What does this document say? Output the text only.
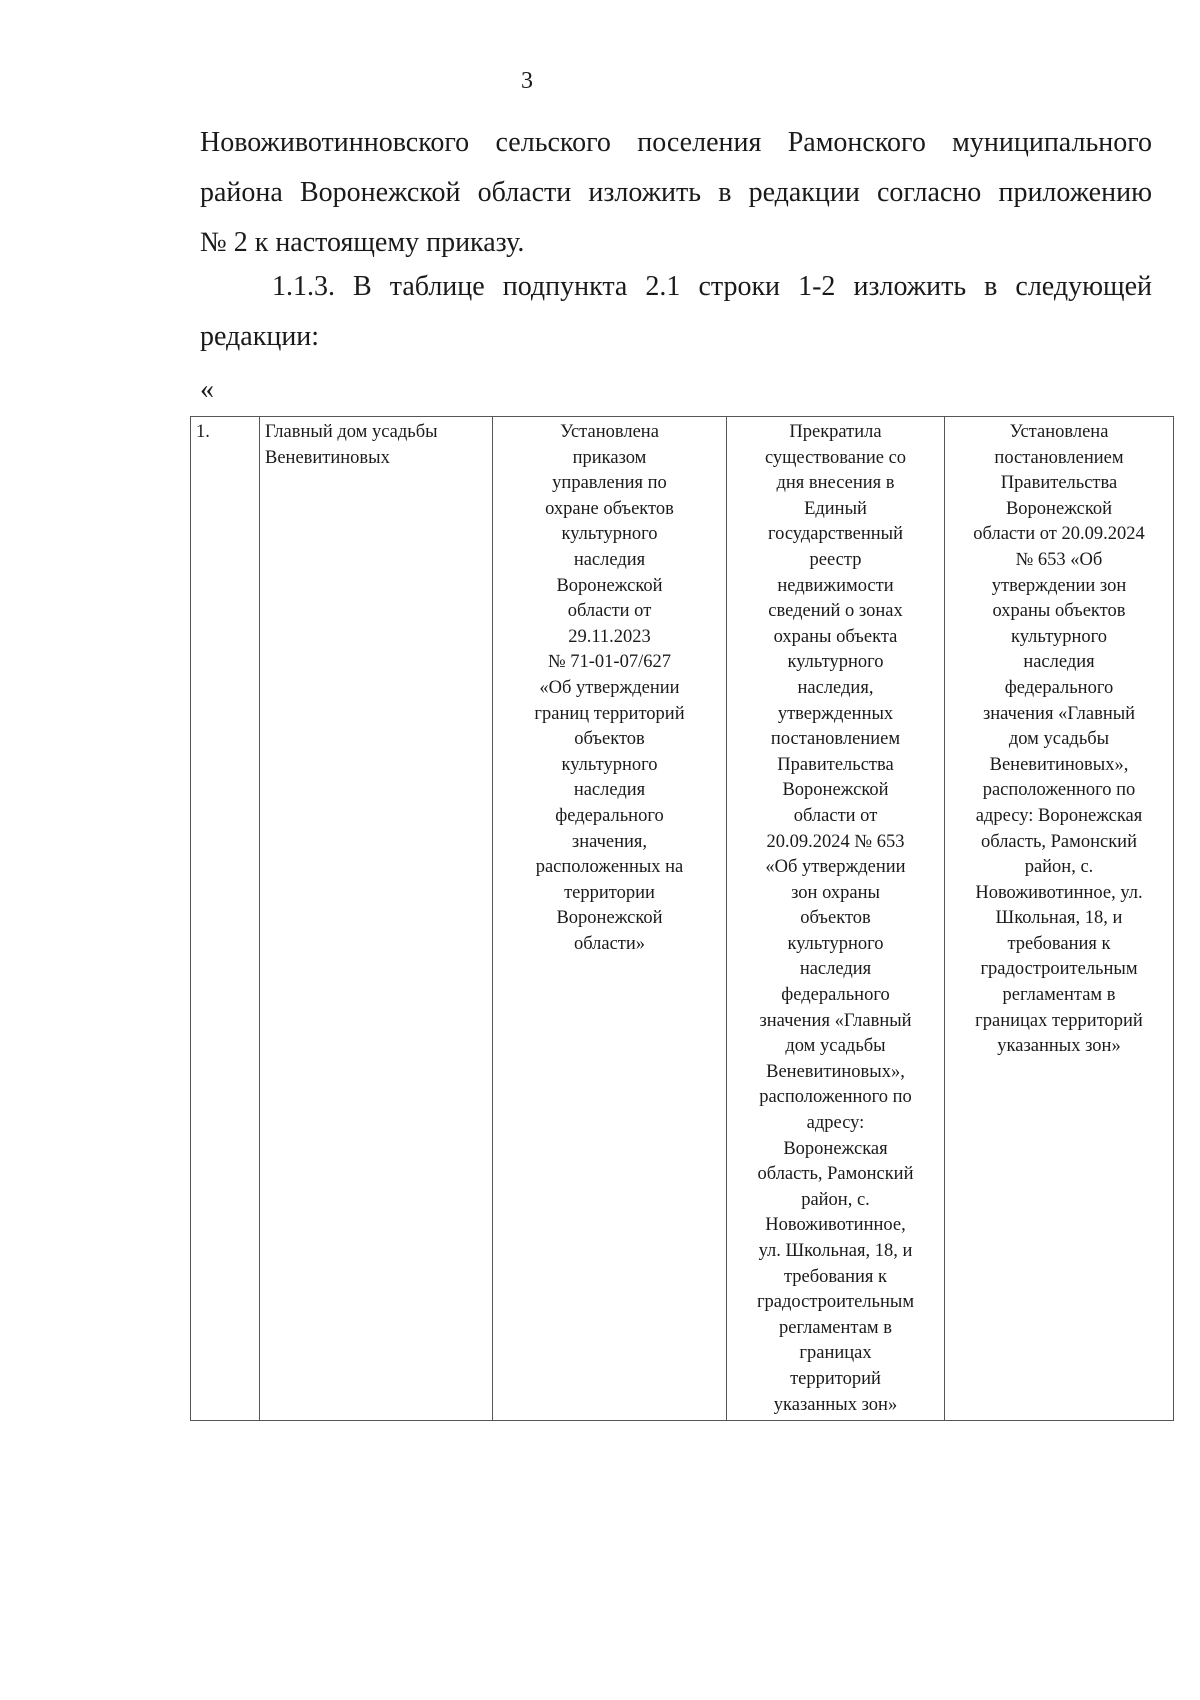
3
Новоживотинновского сельского поселения Рамонского муниципального
района Воронежской области изложить в редакции согласно приложению
№ 2 к настоящему приказу.
1.1.3. В таблице подпункта 2.1 строки 1-2 изложить в следующей
редакции:
«
1.	Главный дом усадьбы
Веневитиновых

Установлена
приказом
управления по
охране объектов
культурного
наследия
Воронежской
области от
29.11.2023
№ 71-01-07/627
«Об утверждении
границ территорий
объектов
культурного
наследия
федерального
значения,
расположенных на
территории
Воронежской
области»

Прекратила
существование со
дня внесения в
Единый
государственный
реестр
недвижимости
сведений о зонах
охраны объекта
культурного
наследия,
утвержденных
постановлением
Правительства
Воронежской
области от
20.09.2024 № 653
«Об утверждении
зон охраны
объектов
культурного
наследия
федерального
значения «Главный
дом усадьбы
Веневитиновых»,
расположенного по
адресу:
Воронежская
область, Рамонский
район, с.
Новоживотинное,
ул. Школьная, 18, и
требования к
градостроительным
регламентам в
границах
территорий
указанных зон»

Установлена
постановлением
Правительства
Воронежской
области от 20.09.2024
№ 653 «Об
утверждении зон
охраны объектов
культурного
наследия
федерального
значения «Главный
дом усадьбы
Веневитиновых»,
расположенного по
адресу: Воронежская
область, Рамонский
район, с.
Новоживотинное, ул.
Школьная, 18, и
требования к
градостроительным
регламентам в
границах территорий
указанных зон»
